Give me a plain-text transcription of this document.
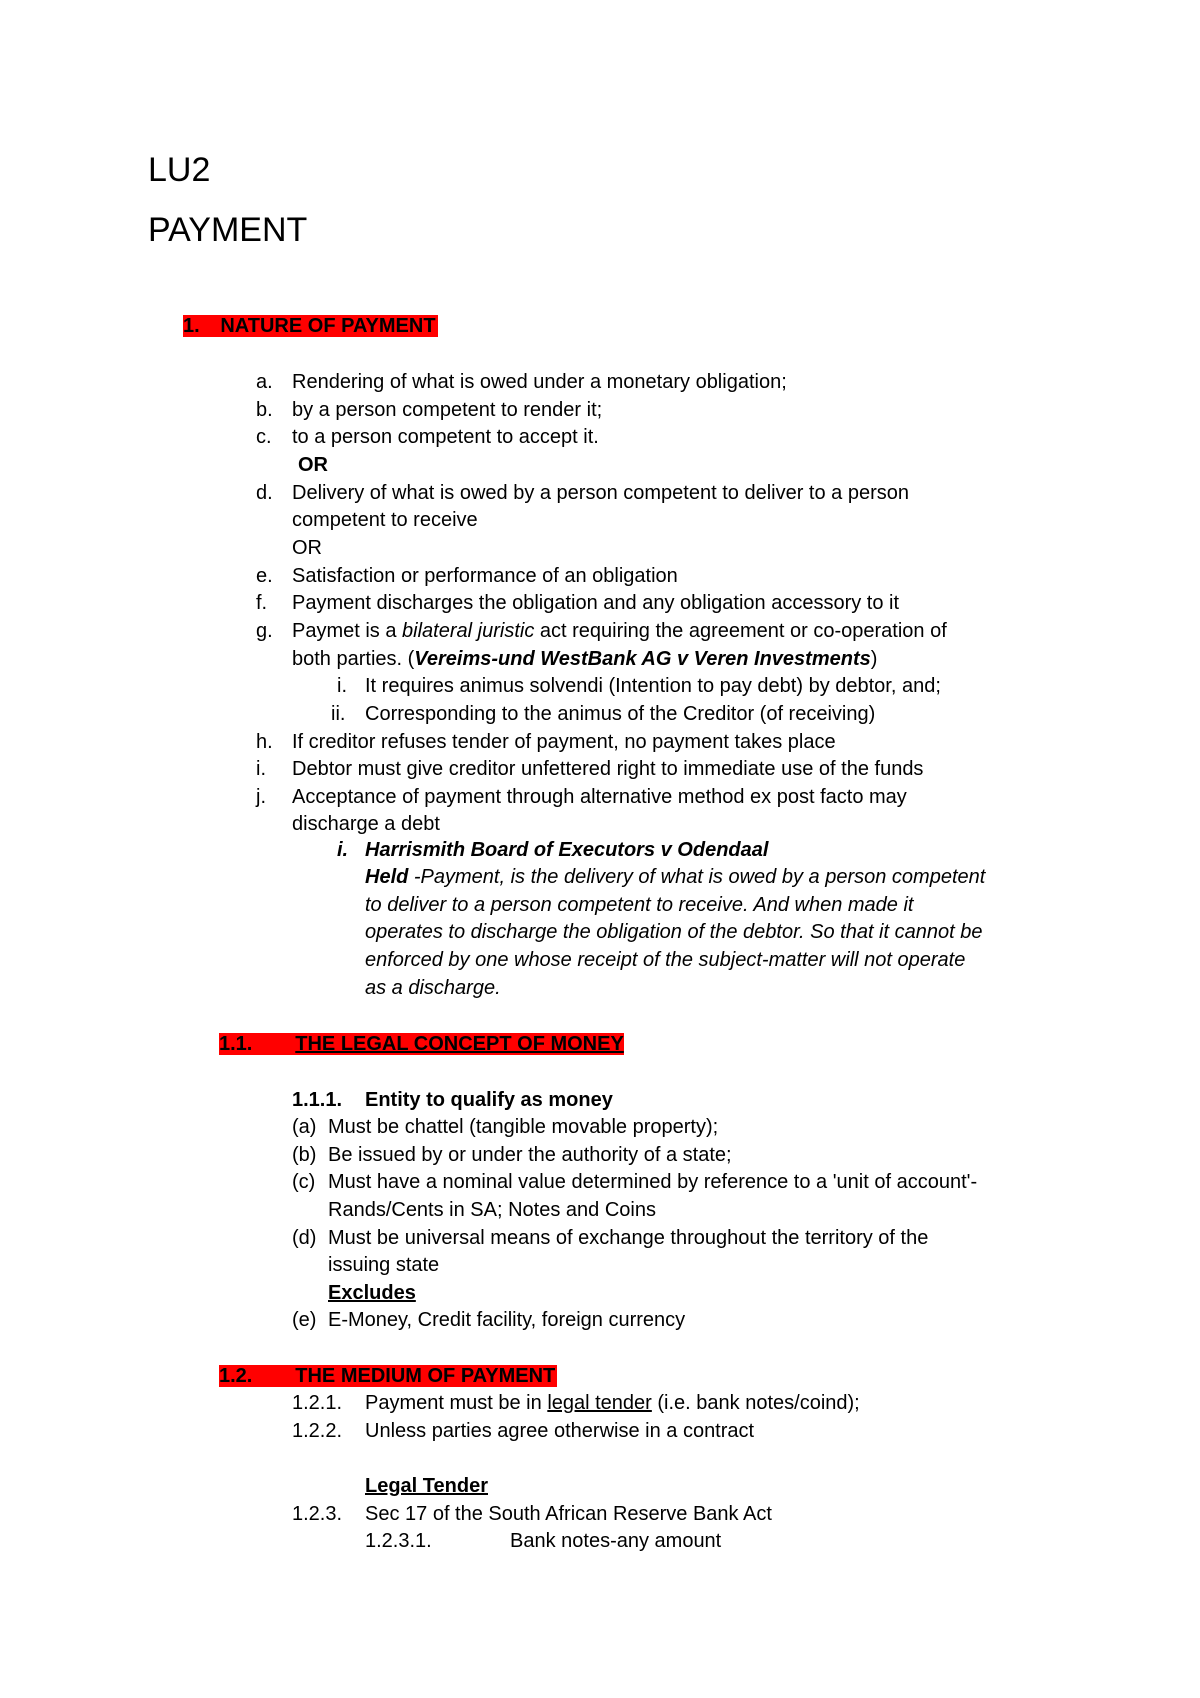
LU2
PAYMENT
1. NATURE OF PAYMENT
a. Rendering of what is owed under a monetary obligation;
b. by a person competent to render it;
c. to a person competent to accept it.
OR
d. Delivery of what is owed by a person competent to deliver to a person
competent to receive
OR
e. Satisfaction or performance of an obligation
f. Payment discharges the obligation and any obligation accessory to it
g. Paymet is a bilateral juristic act requiring the agreement or co-operation of
both parties. (Vereims-und WestBank AG v Veren Investments)
i. It requires animus solvendi (Intention to pay debt) by debtor, and;
ii. Corresponding to the animus of the Creditor (of receiving)
h. If creditor refuses tender of payment, no payment takes place
i. Debtor must give creditor unfettered right to immediate use of the funds
j. Acceptance of payment through alternative method ex post facto may
discharge a debt
i. Harrismith Board of Executors v Odendaal
Held -Payment, is the delivery of what is owed by a person competent
to deliver to a person competent to receive. And when made it
operates to discharge the obligation of the debtor. So that it cannot be
enforced by one whose receipt of the subject-matter will not operate
as a discharge.
1.1. THE LEGAL CONCEPT OF MONEY
1.1.1. Entity to qualify as money
(a) Must be chattel (tangible movable property);
(b) Be issued by or under the authority of a state;
(c) Must have a nominal value determined by reference to a 'unit of account'-
Rands/Cents in SA; Notes and Coins
(d) Must be universal means of exchange throughout the territory of the
issuing state
Excludes
(e) E-Money, Credit facility, foreign currency
1.2. THE MEDIUM OF PAYMENT
1.2.1. Payment must be in legal tender (i.e. bank notes/coind);
1.2.2. Unless parties agree otherwise in a contract
Legal Tender
1.2.3. Sec 17 of the South African Reserve Bank Act
1.2.3.1.	Bank notes-any amount
